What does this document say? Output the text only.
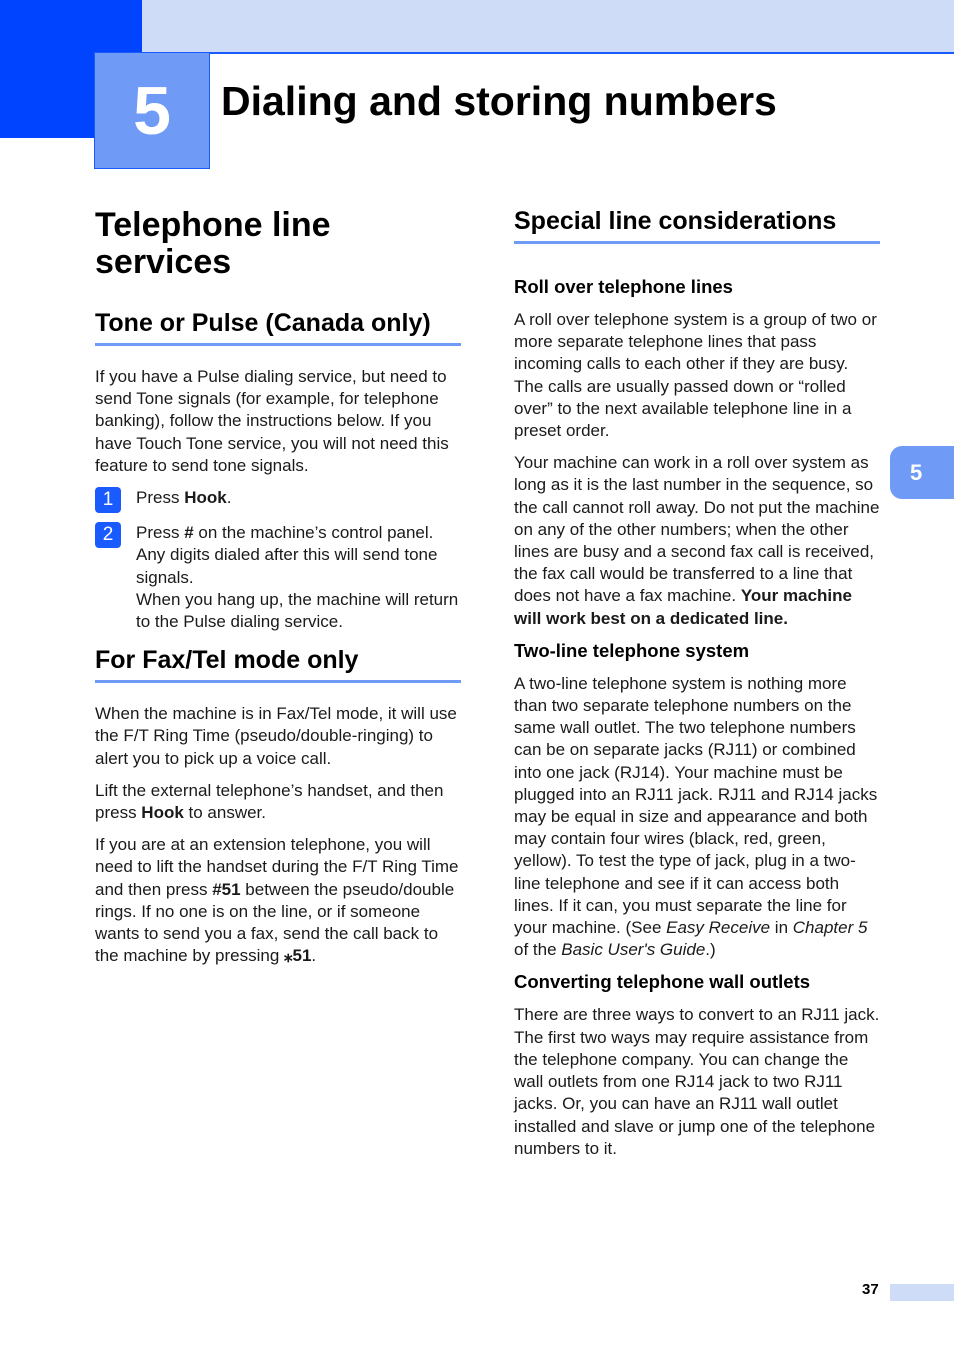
5	Dialing and storing numbers
5
Telephone line services
Tone or Pulse (Canada only)

If you have a Pulse dialing service, but need to send Tone signals (for example, for telephone banking), follow the instructions below. If you have Touch Tone service, you will not need this feature to send tone signals.

1	Press Hook.

2	Press # on the machine’s control panel. Any digits dialed after this will send tone signals.

When you hang up, the machine will return to the Pulse dialing service.

For Fax/Tel mode only

When the machine is in Fax/Tel mode, it will use the F/T Ring Time (pseudo/double-ringing) to alert you to pick up a voice call.

Lift the external telephone’s handset, and then press Hook to answer.

If you are at an extension telephone, you will need to lift the handset during the F/T Ring Time and then press #51 between the pseudo/double rings. If no one is on the line, or if someone wants to send you a fax, send the call back to the machine by pressing ⁎51.

Special line considerations
Roll over telephone lines

A roll over telephone system is a group of two or more separate telephone lines that pass incoming calls to each other if they are busy. The calls are usually passed down or “rolled over” to the next available telephone line in a preset order.

Your machine can work in a roll over system as long as it is the last number in the sequence, so the call cannot roll away. Do not put the machine on any of the other numbers; when the other lines are busy and a second fax call is received, the fax call would be transferred to a line that does not have a fax machine. Your machine will work best on a dedicated line.

Two-line telephone system

A two-line telephone system is nothing more than two separate telephone numbers on the same wall outlet. The two telephone numbers can be on separate jacks (RJ11) or combined into one jack (RJ14). Your machine must be plugged into an RJ11 jack. RJ11 and RJ14 jacks may be equal in size and appearance and both may contain four wires (black, red, green, yellow). To test the type of jack, plug in a two-line telephone and see if it can access both lines. If it can, you must separate the line for your machine. (See Easy Receive in Chapter 5 of the Basic User's Guide.)

Converting telephone wall outlets

There are three ways to convert to an RJ11 jack. The first two ways may require assistance from the telephone company. You can change the wall outlets from one RJ14 jack to two RJ11 jacks. Or, you can have an RJ11 wall outlet installed and slave or jump one of the telephone numbers to it.

37
